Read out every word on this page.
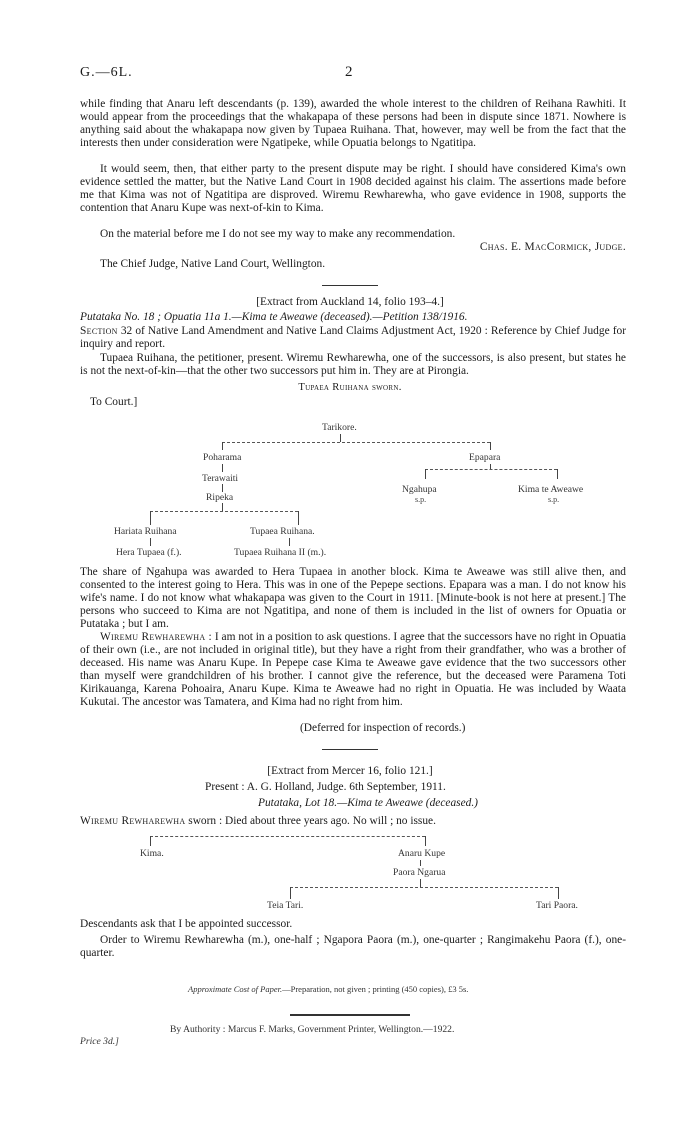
G.—6L.	2
while finding that Anaru left descendants (p. 139), awarded the whole interest to the children of Reihana Rawhiti. It would appear from the proceedings that the whakapapa of these persons had been in dispute since 1871. Nowhere is anything said about the whakapapa now given by Tupaea Ruihana. That, however, may well be from the fact that the interests then under consideration were Ngatipeke, while Opuatia belongs to Ngatitipa.
It would seem, then, that either party to the present dispute may be right. I should have considered Kima's own evidence settled the matter, but the Native Land Court in 1908 decided against his claim. The assertions made before me that Kima was not of Ngatitipa are disproved. Wiremu Rewharewha, who gave evidence in 1908, supports the contention that Anaru Kupe was next-of-kin to Kima.
On the material before me I do not see my way to make any recommendation.
Chas. E. MacCormick, Judge.
The Chief Judge, Native Land Court, Wellington.
[Extract from Auckland 14, folio 193–4.]
Putataka No. 18 ; Opuatia 11a 1.—Kima te Aweawe (deceased).—Petition 138/1916.
Section 32 of Native Land Amendment and Native Land Claims Adjustment Act, 1920 : Reference by Chief Judge for inquiry and report.
Tupaea Ruihana, the petitioner, present. Wiremu Rewharewha, one of the successors, is also present, but states he is not the next-of-kin—that the other two successors put him in. They are at Pirongia.
Tupaea Ruihana sworn.
To Court.]
Tarikore.
Poharama
Terawaiti
Ripeka
Epapara
Ngahupa
s.p.
Kima te Aweawe
s.p.
Hariata Ruihana	Tupaea Ruihana.
Hera Tupaea (f.).	Tupaea Ruihana II (m.).
The share of Ngahupa was awarded to Hera Tupaea in another block. Kima te Aweawe was still alive then, and consented to the interest going to Hera. This was in one of the Pepepe sections. Epapara was a man. I do not know his wife's name. I do not know what whakapapa was given to the Court in 1911. [Minute-book is not here at present.] The persons who succeed to Kima are not Ngatitipa, and none of them is included in the list of owners for Opuatia or Putataka ; but I am.
Wiremu Rewharewha : I am not in a position to ask questions. I agree that the successors have no right in Opuatia of their own (i.e., are not included in original title), but they have a right from their grandfather, who was a brother of deceased. His name was Anaru Kupe. In Pepepe case Kima te Aweawe gave evidence that the two successors other than myself were grandchildren of his brother. I cannot give the reference, but the deceased were Paramena Toti Kirikauanga, Karena Pohoaira, Anaru Kupe. Kima te Aweawe had no right in Opuatia. He was included by Waata Kukutai. The ancestor was Tamatera, and Kima had no right from him.
(Deferred for inspection of records.)
[Extract from Mercer 16, folio 121.]
Present : A. G. Holland, Judge. 6th September, 1911.
Putataka, Lot 18.—Kima te Aweawe (deceased.)
Wiremu Rewharewha sworn : Died about three years ago. No will ; no issue.
Kima.	Anaru Kupe
Paora Ngarua
Teia Tari.	Tari Paora.
Descendants ask that I be appointed successor.
Order to Wiremu Rewharewha (m.), one-half ; Ngapora Paora (m.), one-quarter ; Rangimakehu Paora (f.), one-quarter.
Approximate Cost of Paper.—Preparation, not given ; printing (450 copies), £3 5s.
By Authority : Marcus F. Marks, Government Printer, Wellington.—1922.
Price 3d.]
